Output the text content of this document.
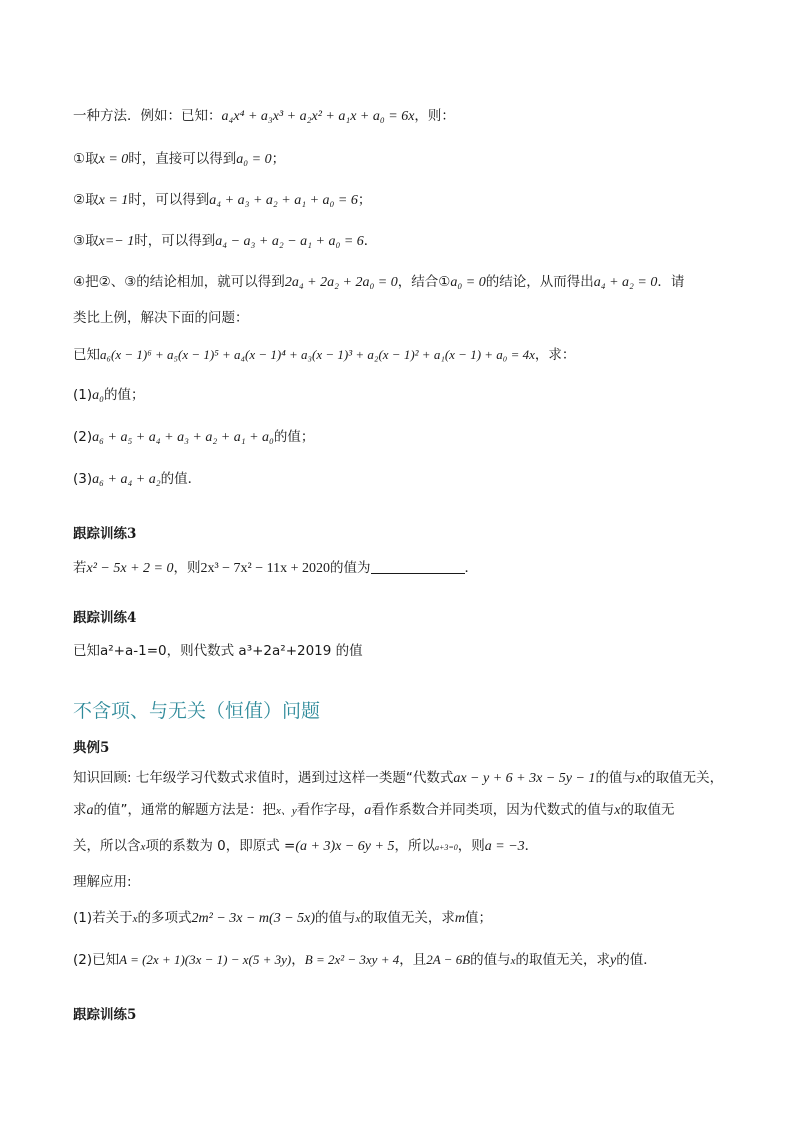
一种方法．例如：已知：a₄x⁴ + a₃x³ + a₂x² + a₁x + a₀ = 6x，则：
①取x = 0时，直接可以得到a₀ = 0；
②取x = 1时，可以得到a₄ + a₃ + a₂ + a₁ + a₀ = 6；
③取x=− 1时，可以得到a₄ − a₃ + a₂ − a₁ + a₀ = 6．
④把②、③的结论相加，就可以得到2a₄ + 2a₂ + 2a₀ = 0，结合①a₀ = 0的结论，从而得出a₄ + a₂ = 0．请
类比上例，解决下面的问题：
已知a₆(x − 1)⁶ + a₅(x − 1)⁵ + a₄(x − 1)⁴ + a₃(x − 1)³ + a₂(x − 1)² + a₁(x − 1) + a₀ = 4x，求：
(1)a₀的值；
(2)a₆ + a₅ + a₄ + a₃ + a₂ + a₁ + a₀的值；
(3)a₆ + a₄ + a₂的值．
跟踪训练3
若x² − 5x + 2 = 0，则2x³ − 7x² − 11x + 2020的值为	．
跟踪训练4
已知a²+a-1=0，则代数式 a³+2a²+2019 的值
不含项、与无关（恒值）问题
典例5
知识回顾: 七年级学习代数式求值时，遇到过这样一类题“代数式ax − y + 6 + 3x − 5y − 1的值与x的取值无关，
求a的值”，通常的解题方法是：把x、y看作字母，a看作系数合并同类项，因为代数式的值与x的取值无
关，所以含x项的系数为 0，即原式 =(a + 3)x − 6y + 5，所以a+3=0，则a = −3．
理解应用:
(1)若关于x的多项式2m² − 3x − m(3 − 5x)的值与x的取值无关，求m值；
(2)已知A = (2x + 1)(3x − 1) − x(5 + 3y)，B = 2x² − 3xy + 4，且2A − 6B的值与x的取值无关，求y的值．
跟踪训练5
